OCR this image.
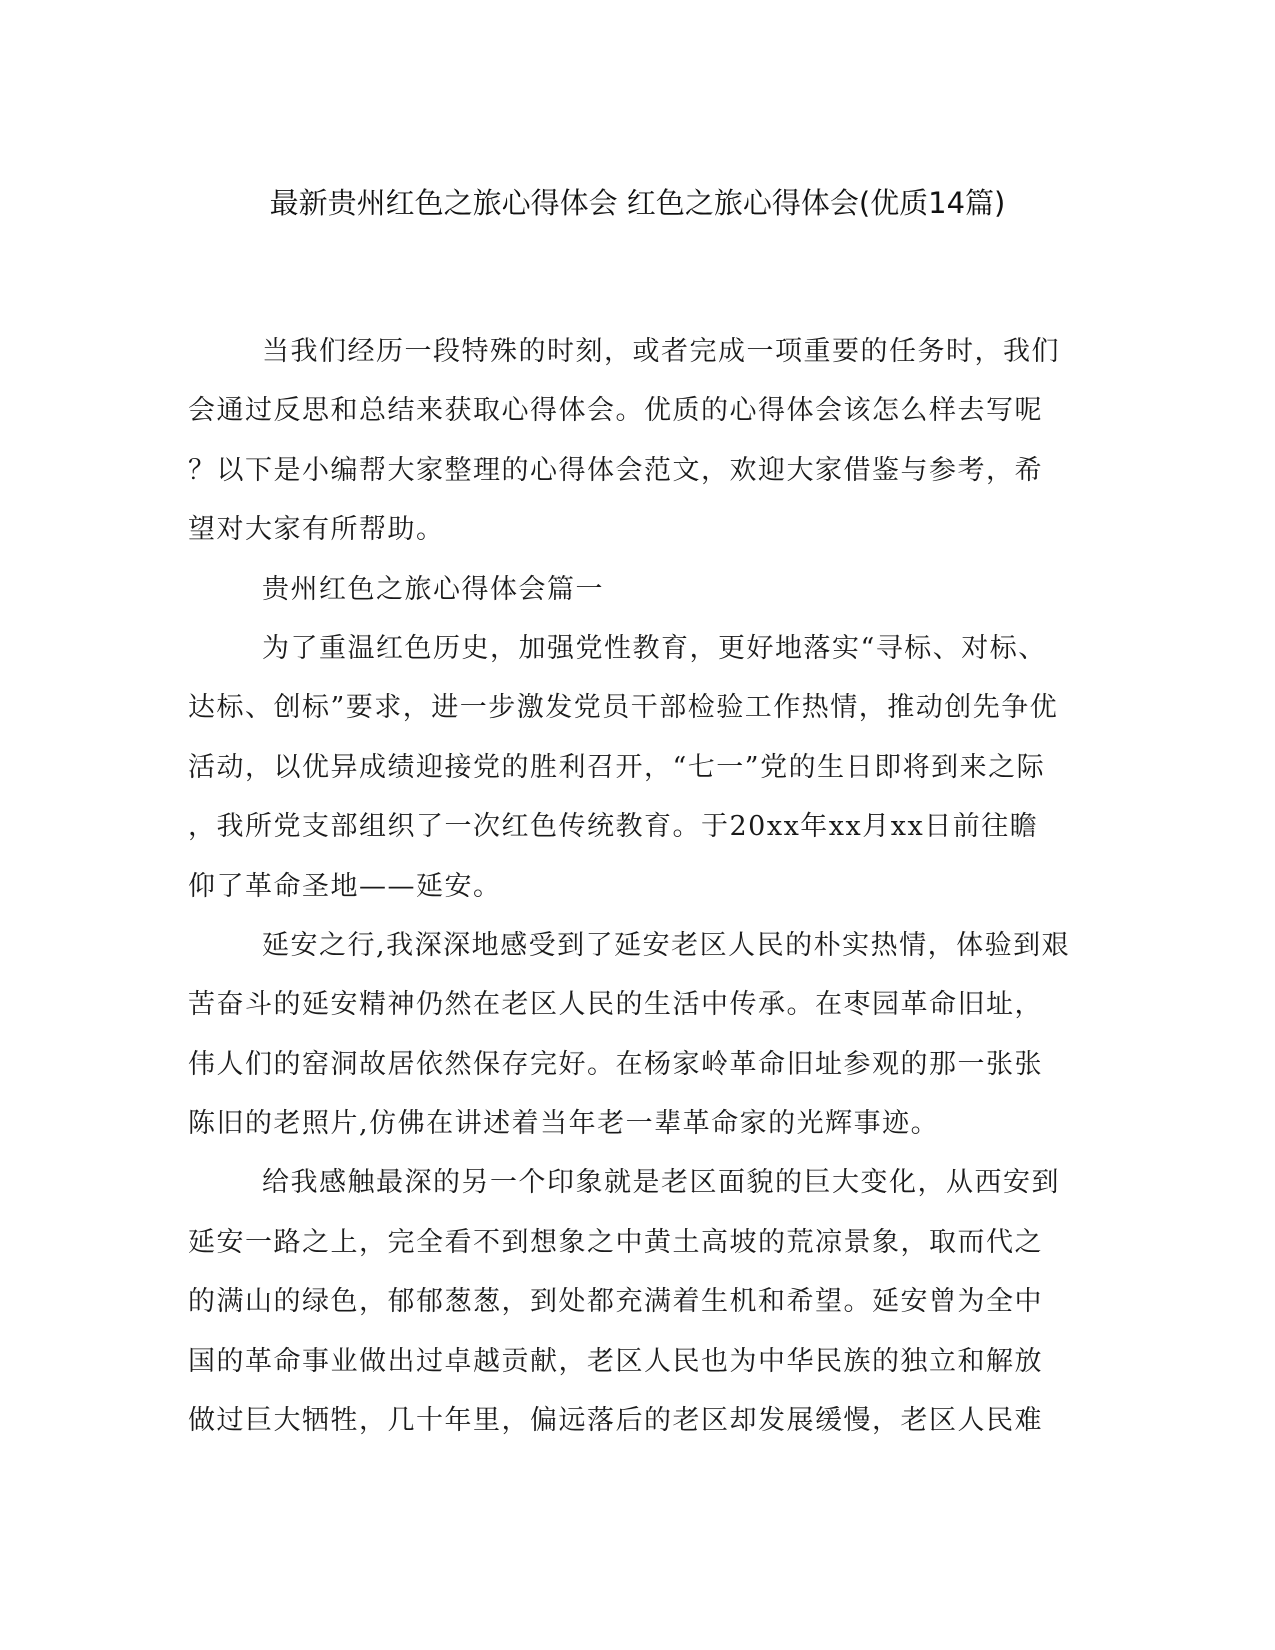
最新贵州红色之旅心得体会 红色之旅心得体会(优质14篇)
当我们经历一段特殊的时刻，或者完成一项重要的任务时，我们
会通过反思和总结来获取心得体会。优质的心得体会该怎么样去写呢
？以下是小编帮大家整理的心得体会范文，欢迎大家借鉴与参考，希
望对大家有所帮助。
贵州红色之旅心得体会篇一
为了重温红色历史，加强党性教育，更好地落实“寻标、对标、
达标、创标”要求，进一步激发党员干部检验工作热情，推动创先争优
活动，以优异成绩迎接党的胜利召开，“七一”党的生日即将到来之际
，我所党支部组织了一次红色传统教育。于20xx年xx月xx日前往瞻
仰了革命圣地——延安。
延安之行,我深深地感受到了延安老区人民的朴实热情，体验到艰
苦奋斗的延安精神仍然在老区人民的生活中传承。在枣园革命旧址，
伟人们的窑洞故居依然保存完好。在杨家岭革命旧址参观的那一张张
陈旧的老照片,仿佛在讲述着当年老一辈革命家的光辉事迹。
给我感触最深的另一个印象就是老区面貌的巨大变化，从西安到
延安一路之上，完全看不到想象之中黄土高坡的荒凉景象，取而代之
的满山的绿色，郁郁葱葱，到处都充满着生机和希望。延安曾为全中
国的革命事业做出过卓越贡献，老区人民也为中华民族的独立和解放
做过巨大牺牲，几十年里，偏远落后的老区却发展缓慢，老区人民难
